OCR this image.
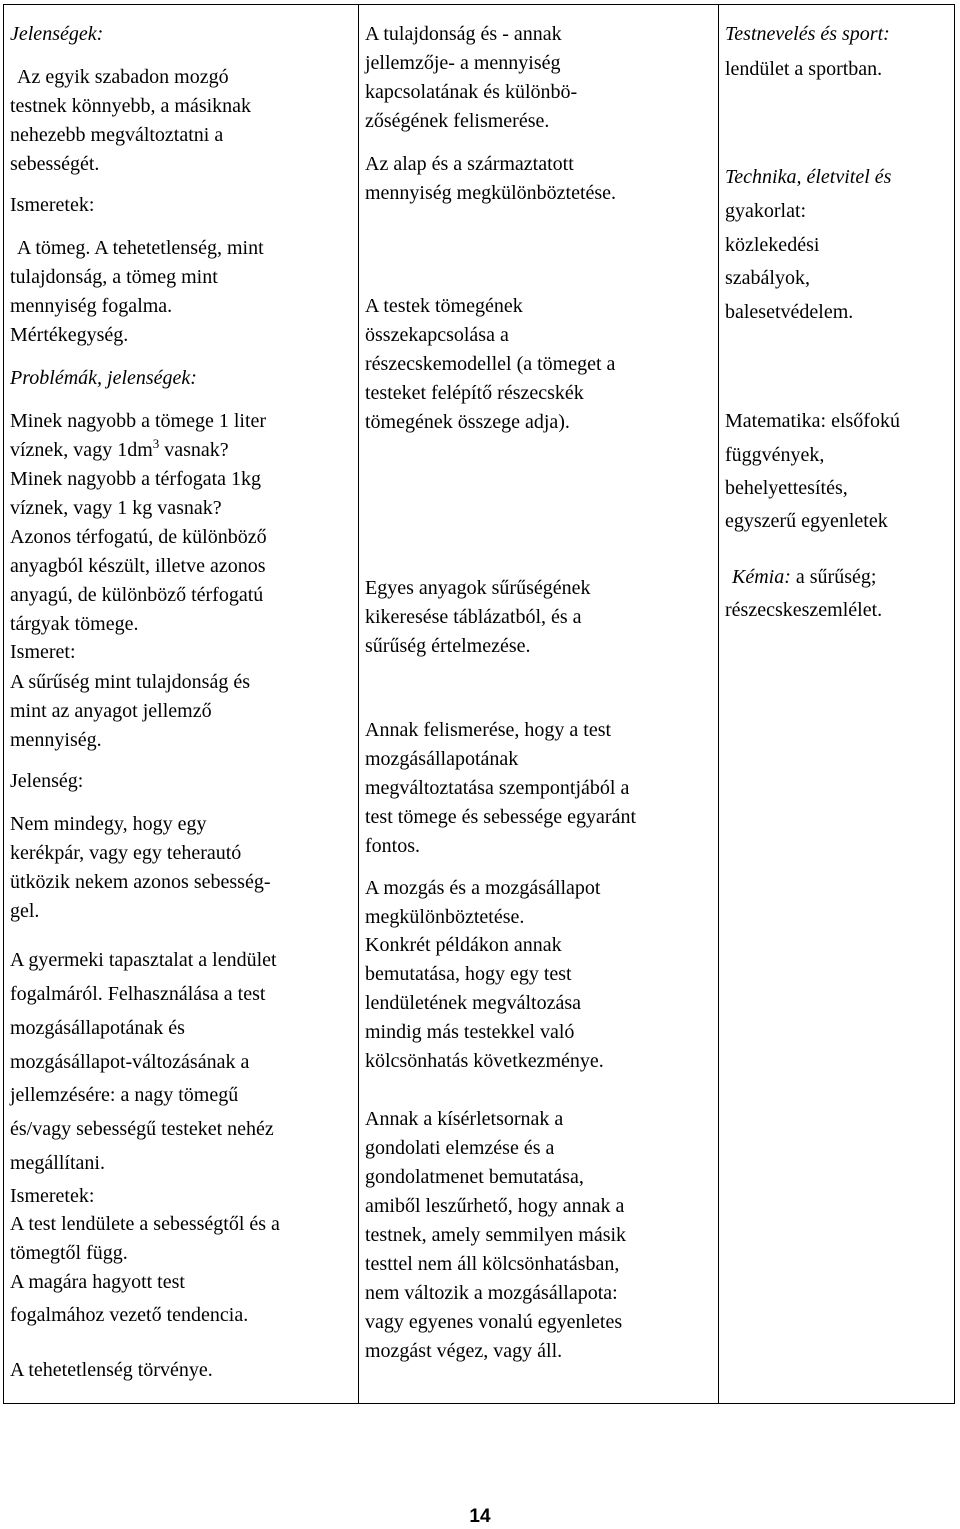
Jelenségek:

Az egyik szabadon mozgó

testnek könnyebb, a másiknak

nehezebb megváltoztatni a

sebességét.

Ismeretek:

A tömeg. A tehetetlenség, mint

tulajdonság, a tömeg mint

mennyiség fogalma.

Mértékegység.

Problémák, jelenségek:

Minek nagyobb a tömege 1 liter

víznek, vagy $1dm^3$ vasnak?

Minek nagyobb a térfogata 1kg

víznek, vagy 1 kg vasnak?

Azonos térfogatú, de különböző

anyagból készült, illetve azonos

anyagú, de különböző térfogatú

tárgyak tömege.

Ismeret:

A sűrűség mint tulajdonság és

mint az anyagot jellemző

mennyiség.

Jelenség:

Nem mindegy, hogy egy

kerékpár, vagy egy teherautó

ütközik nekem azonos sebesség-

gel.

A gyermeki tapasztalat a lendület

fogalmáról. Felhasználása a test

mozgásállapotának és

mozgásállapot-változásának a

jellemzésére: a nagy tömegű

és/vagy sebességű testeket nehéz

megállítani.

Ismeretek:

A test lendülete a sebességtől és a

tömegtől függ.

A magára hagyott test

fogalmához vezető tendencia.

A tehetetlenség törvénye.

A tulajdonság és - annak

jellemzője- a mennyiség

kapcsolatának és különbö-

zőségének felismerése.

Az alap és a származtatott

mennyiség megkülönböztetése.

A testek tömegének

összekapcsolása a

részecskemodellel (a tömeget a

testeket felépítő részecskék

tömegének összege adja).

Egyes anyagok sűrűségének

kikeresése táblázatból, és a

sűrűség értelmezése.

Annak felismerése, hogy a test

mozgásállapotának

megváltoztatása szempontjából a

test tömege és sebessége egyaránt

fontos.

A mozgás és a mozgásállapot

megkülönböztetése.

Konkrét példákon annak

bemutatása, hogy egy test

lendületének megváltozása

mindig más testekkel való

kölcsönhatás következménye.

Annak a kísérletsornak a

gondolati elemzése és a

gondolatmenet bemutatása,

amiből leszűrhető, hogy annak a

testnek, amely semmilyen másik

testtel nem áll kölcsönhatásban,

nem változik a mozgásállapota:

vagy egyenes vonalú egyenletes

mozgást végez, vagy áll.

Testnevelés és sport:

lendület a sportban.

Technika, életvitel és

gyakorlat:

közlekedési

szabályok,

balesetvédelem.

Matematika: elsőfokú

függvények,

behelyettesítés,

egyszerű egyenletek

Kémia: a sűrűség;

részecskeszemlélet.

14
